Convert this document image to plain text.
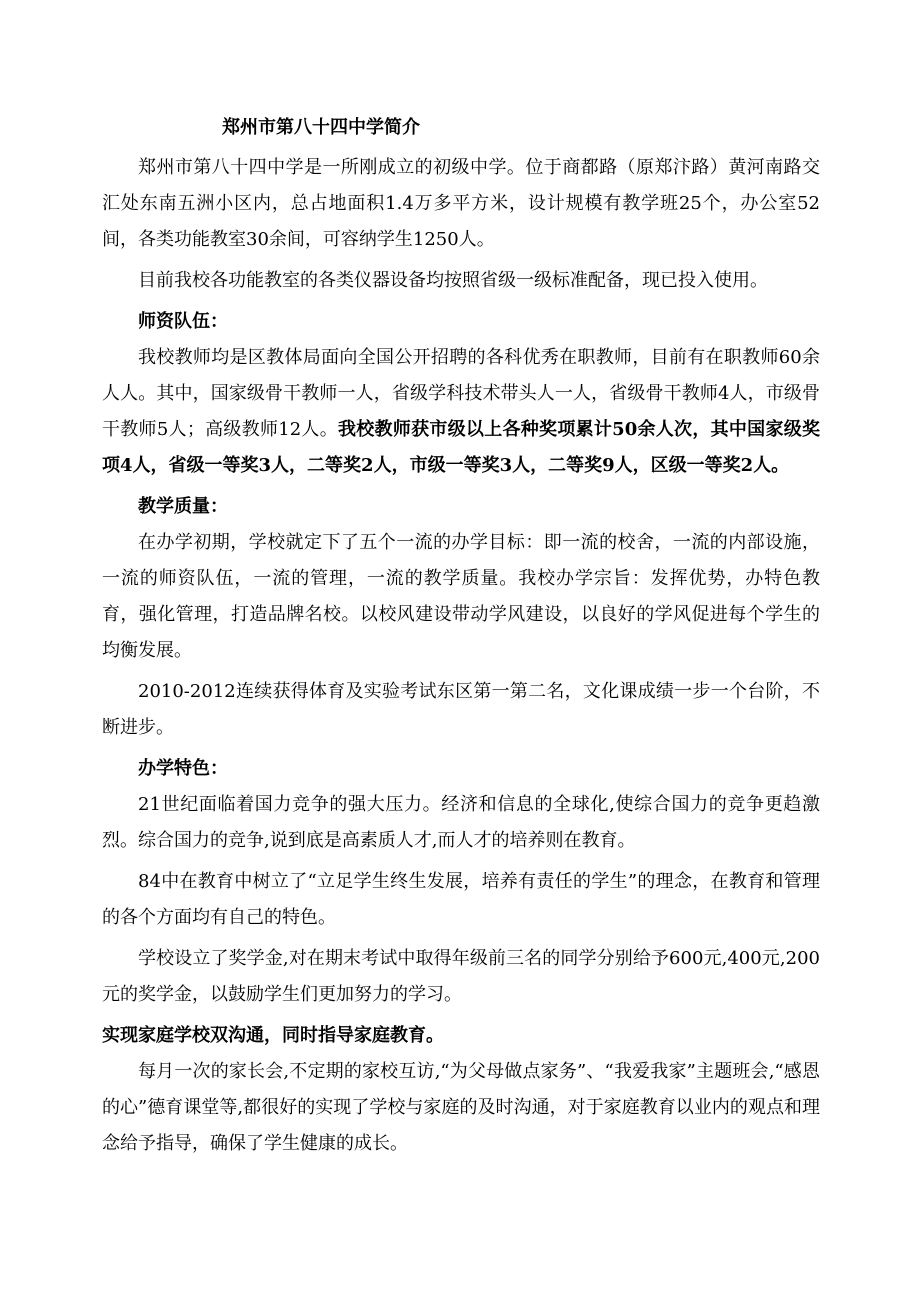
郑州市第八十四中学简介

郑州市第八十四中学是一所刚成立的初级中学。位于商都路（原郑汴路）黄河南路交汇处东南五洲小区内，总占地面积1.4万多平方米，设计规模有教学班25个，办公室52间，各类功能教室30余间，可容纳学生1250人。

目前我校各功能教室的各类仪器设备均按照省级一级标准配备，现已投入使用。

师资队伍：

我校教师均是区教体局面向全国公开招聘的各科优秀在职教师，目前有在职教师60余人人。其中，国家级骨干教师一人，省级学科技术带头人一人，省级骨干教师4人，市级骨干教师5人；高级教师12人。我校教师获市级以上各种奖项累计50余人次，其中国家级奖项4人，省级一等奖3人，二等奖2人，市级一等奖3人，二等奖9人，区级一等奖2人。

教学质量：

在办学初期，学校就定下了五个一流的办学目标：即一流的校舍，一流的内部设施，一流的师资队伍，一流的管理，一流的教学质量。我校办学宗旨：发挥优势，办特色教育，强化管理，打造品牌名校。以校风建设带动学风建设，以良好的学风促进每个学生的均衡发展。

2010-2012连续获得体育及实验考试东区第一第二名，文化课成绩一步一个台阶，不断进步。

办学特色：

21世纪面临着国力竞争的强大压力。经济和信息的全球化,使综合国力的竞争更趋激烈。综合国力的竞争,说到底是高素质人才,而人才的培养则在教育。

84中在教育中树立了“立足学生终生发展，培养有责任的学生”的理念，在教育和管理的各个方面均有自己的特色。

学校设立了奖学金,对在期末考试中取得年级前三名的同学分别给予600元,400元,200元的奖学金，以鼓励学生们更加努力的学习。

实现家庭学校双沟通，同时指导家庭教育。

每月一次的家长会,不定期的家校互访,“为父母做点家务”、“我爱我家”主题班会,“感恩的心”德育课堂等,都很好的实现了学校与家庭的及时沟通，对于家庭教育以业内的观点和理念给予指导，确保了学生健康的成长。
